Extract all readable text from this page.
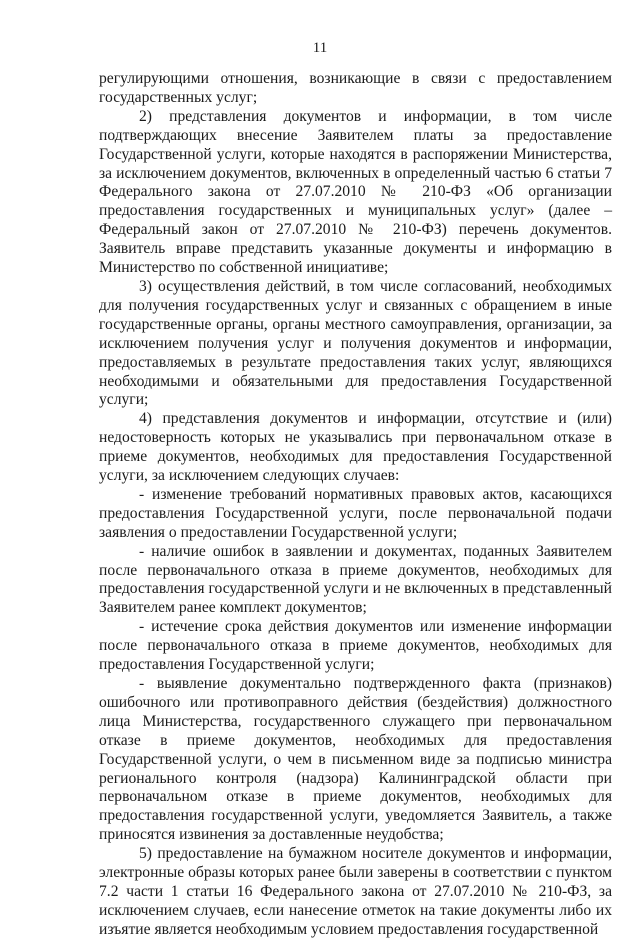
11

регулирующими отношения, возникающие в связи с предоставлением государственных услуг;

2) представления документов и информации, в том числе подтверждающих внесение Заявителем платы за предоставление Государственной услуги, которые находятся в распоряжении Министерства, за исключением документов, включенных в определенный частью 6 статьи 7 Федерального закона от 27.07.2010 № 210-ФЗ «Об организации предоставления государственных и муниципальных услуг» (далее – Федеральный закон от 27.07.2010 № 210-ФЗ) перечень документов. Заявитель вправе представить указанные документы и информацию в Министерство по собственной инициативе;

3) осуществления действий, в том числе согласований, необходимых для получения государственных услуг и связанных с обращением в иные государственные органы, органы местного самоуправления, организации, за исключением получения услуг и получения документов и информации, предоставляемых в результате предоставления таких услуг, являющихся необходимыми и обязательными для предоставления Государственной услуги;

4) представления документов и информации, отсутствие и (или) недостоверность которых не указывались при первоначальном отказе в приеме документов, необходимых для предоставления Государственной услуги, за исключением следующих случаев:

- изменение требований нормативных правовых актов, касающихся предоставления Государственной услуги, после первоначальной подачи заявления о предоставлении Государственной услуги;

- наличие ошибок в заявлении и документах, поданных Заявителем после первоначального отказа в приеме документов, необходимых для предоставления государственной услуги и не включенных в представленный Заявителем ранее комплект документов;

- истечение срока действия документов или изменение информации после первоначального отказа в приеме документов, необходимых для предоставления Государственной услуги;

- выявление документально подтвержденного факта (признаков) ошибочного или противоправного действия (бездействия) должностного лица Министерства, государственного служащего при первоначальном отказе в приеме документов, необходимых для предоставления Государственной услуги, о чем в письменном виде за подписью министра регионального контроля (надзора) Калининградской области при первоначальном отказе в приеме документов, необходимых для предоставления государственной услуги, уведомляется Заявитель, а также приносятся извинения за доставленные неудобства;

5) предоставление на бумажном носителе документов и информации, электронные образы которых ранее были заверены в соответствии с пунктом 7.2 части 1 статьи 16 Федерального закона от 27.07.2010 № 210-ФЗ, за исключением случаев, если нанесение отметок на такие документы либо их изъятие является необходимым условием предоставления государственной
